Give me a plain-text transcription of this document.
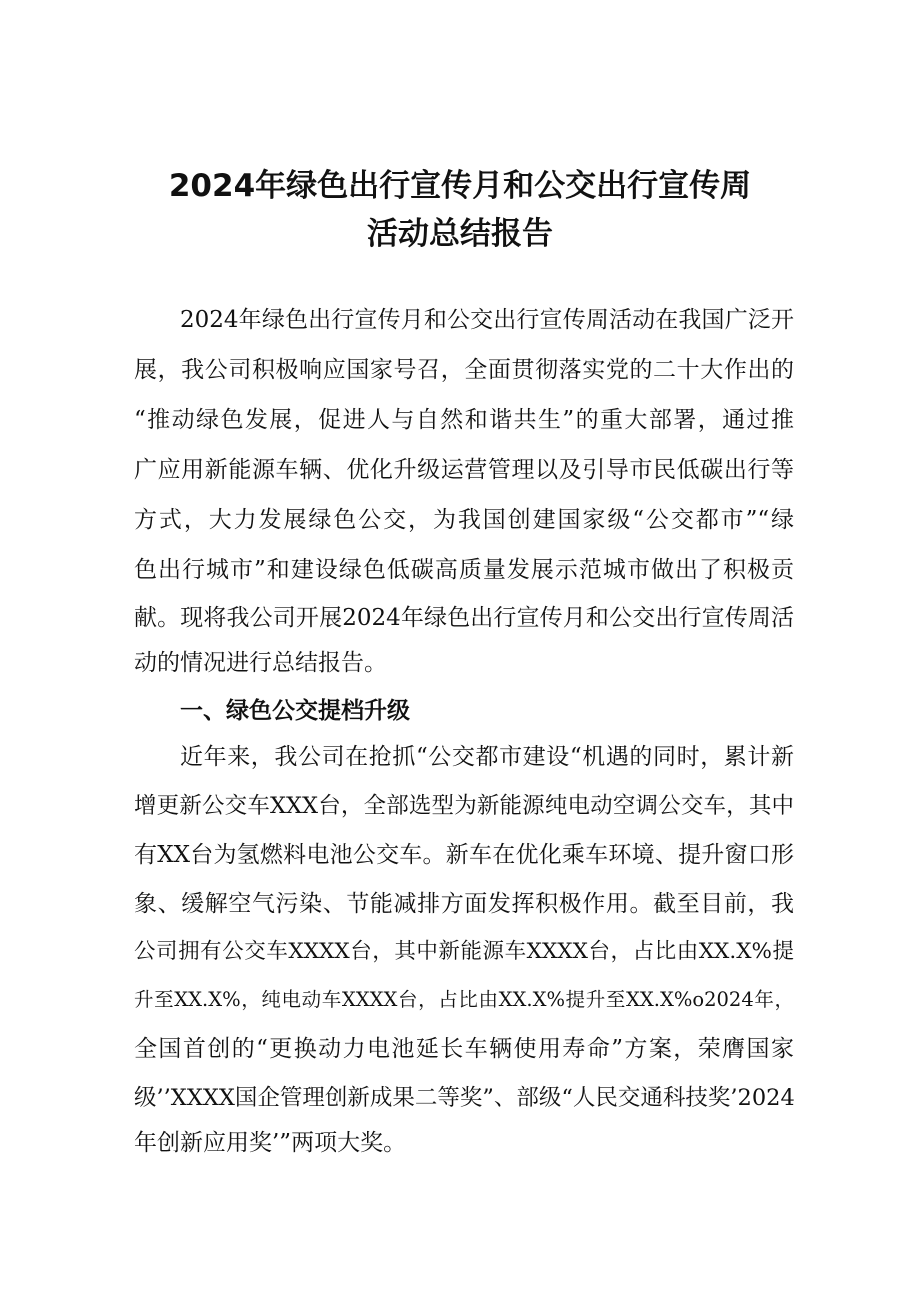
2024年绿色出行宣传月和公交出行宣传周
活动总结报告

2024年绿色出行宣传月和公交出行宣传周活动在我国广泛开

展，我公司积极响应国家号召，全面贯彻落实党的二十大作出的

“推动绿色发展，促进人与自然和谐共生”的重大部署，通过推

广应用新能源车辆、优化升级运营管理以及引导市民低碳出行等

方式，大力发展绿色公交，为我国创建国家级“公交都市”“绿

色出行城市”和建设绿色低碳高质量发展示范城市做出了积极贡

献。现将我公司开展2024年绿色出行宣传月和公交出行宣传周活

动的情况进行总结报告。

一、绿色公交提档升级

近年来，我公司在抢抓“公交都市建设“机遇的同时，累计新

增更新公交车XXX台，全部选型为新能源纯电动空调公交车，其中

有XX台为氢燃料电池公交车。新车在优化乘车环境、提升窗口形

象、缓解空气污染、节能减排方面发挥积极作用。截至目前，我

公司拥有公交车XXXX台，其中新能源车XXXX台，占比由XX.X%提

升至XX.X%，纯电动车XXXX台，占比由XX.X%提升至XX.X%o2024年，

全国首创的“更换动力电池延长车辆使用寿命”方案，荣膺国家

级’’XXXX国企管理创新成果二等奖”、部级“人民交通科技奖’2024

年创新应用奖’”两项大奖。
